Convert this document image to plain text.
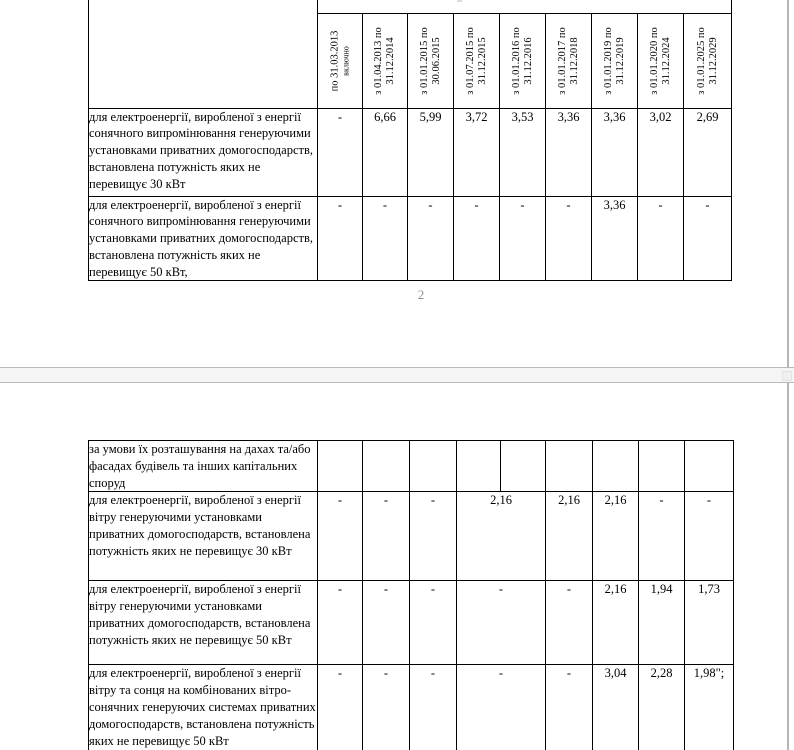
по 31.03.2013 включно	з 01.04.2013 по 31.12.2014	з 01.01.2015 по 30.06.2015	з 01.07.2015 по 31.12.2015	з 01.01.2016 по 31.12.2016	з 01.01.2017 по 31.12.2018	з 01.01.2019 по 31.12.2019	з 01.01.2020 по 31.12.2024	з 01.01.2025 по 31.12.2029

для електроенергії, виробленої з енергії сонячного випромінювання генеруючими установками приватних домогосподарств, встановлена потужність яких не перевищує 30 кВт	-	6,66	5,99	3,72	3,53	3,36	3,36	3,02	2,69
для електроенергії, виробленої з енергії сонячного випромінювання генеруючими установками приватних домогосподарств, встановлена потужність яких не перевищує 50 кВт,	-	-	-	-	-	-	3,36	-	-
2
за умови їх розташування на дахах та/або фасадах будівель та інших капітальних споруд									
для електроенергії, виробленої з енергії вітру генеруючими установками приватних домогосподарств, встановлена потужність яких не перевищує 30 кВт	-	-	-	2,16		2,16	2,16	-	-
для електроенергії, виробленої з енергії вітру генеруючими установками приватних домогосподарств, встановлена потужність яких не перевищує 50 кВт	-	-	-	-		-	2,16	1,94	1,73
для електроенергії, виробленої з енергії вітру та сонця на комбінованих вітро-сонячних генеруючих системах приватних домогосподарств, встановлена потужність яких не перевищує 50 кВт	-	-	-	-		-	3,04	2,28	1,98";
